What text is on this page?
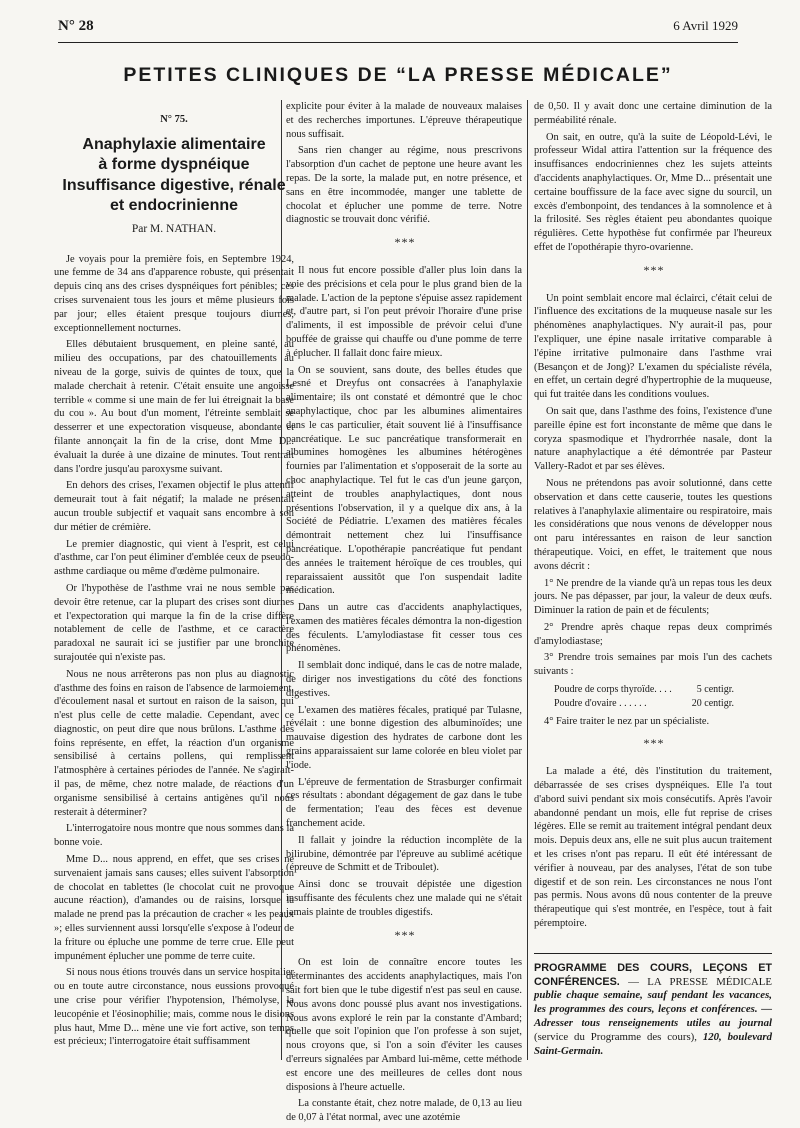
N° 28	6 Avril 1929
PETITES CLINIQUES DE “LA PRESSE MÉDICALE”
N° 75.
Anaphylaxie alimentaire
à forme dyspnéique
Insuffisance digestive, rénale
et endocrinienne
Par M. NATHAN.

Je voyais pour la première fois, en Septembre 1924, une femme de 34 ans d'apparence robuste, qui présentait depuis cinq ans des crises dyspnéiques fort pénibles; ces crises survenaient tous les jours et même plusieurs fois par jour; elles étaient presque toujours diurnes, exceptionnellement nocturnes.

Elles débutaient brusquement, en pleine santé, au milieu des occupations, par des chatouillements au niveau de la gorge, suivis de quintes de toux, que la malade cherchait à retenir. C'était ensuite une angoisse terrible « comme si une main de fer lui étreignait la base du cou ». Au bout d'un moment, l'étreinte semblait se desserrer et une expectoration visqueuse, abondante et filante annonçait la fin de la crise, dont Mme D... évaluait la durée à une dizaine de minutes. Tout rentrait dans l'ordre jusqu'au paroxysme suivant.

En dehors des crises, l'examen objectif le plus attentif demeurait tout à fait négatif; la malade ne présentait aucun trouble subjectif et vaquait sans encombre à son dur métier de crémière.

Le premier diagnostic, qui vient à l'esprit, est celui d'asthme, car l'on peut éliminer d'emblée ceux de pseudo-asthme cardiaque ou même d'œdème pulmonaire.

Or l'hypothèse de l'asthme vrai ne nous semble pas devoir être retenue, car la plupart des crises sont diurnes et l'expectoration qui marque la fin de la crise diffère notablement de celle de l'asthme, et ce caractère paradoxal ne saurait ici se justifier par une bronchite surajoutée qui n'existe pas.

Nous ne nous arrêterons pas non plus au diagnostic d'asthme des foins en raison de l'absence de larmoiement, d'écoulement nasal et surtout en raison de la saison, qui n'est plus celle de cette maladie. Cependant, avec ce diagnostic, on peut dire que nous brûlons. L'asthme des foins représente, en effet, la réaction d'un organisme sensibilisé à certains pollens, qui remplissent l'atmosphère à certaines périodes de l'année. Ne s'agirait-il pas, de même, chez notre malade, de réactions d'un organisme sensibilisé à certains antigènes qu'il nous resterait à déterminer?

L'interrogatoire nous montre que nous sommes dans la bonne voie.

Mme D... nous apprend, en effet, que ses crises ne survenaient jamais sans causes; elles suivent l'absorption de chocolat en tablettes (le chocolat cuit ne provoque aucune réaction), d'amandes ou de raisins, lorsque la malade ne prend pas la précaution de cracher « les peaux »; elles surviennent aussi lorsqu'elle s'expose à l'odeur de la friture ou épluche une pomme de terre crue. Elle peut impunément éplucher une pomme de terre cuite.

Si nous nous étions trouvés dans un service hospitalier ou en toute autre circonstance, nous eussions provoqué une crise pour vérifier l'hypotension, l'hémolyse, la leucopénie et l'éosinophilie; mais, comme nous le disions plus haut, Mme D... mène une vie fort active, son temps est précieux; l'interrogatoire était suffisamment

explicite pour éviter à la malade de nouveaux malaises et des recherches importunes. L'épreuve thérapeutique nous suffisait.

Sans rien changer au régime, nous prescrivons l'absorption d'un cachet de peptone une heure avant les repas. De la sorte, la malade put, en notre présence, et sans en être incommodée, manger une tablette de chocolat et éplucher une pomme de terre. Notre diagnostic se trouvait donc vérifié.

* * *

Il nous fut encore possible d'aller plus loin dans la voie des précisions et cela pour le plus grand bien de la malade. L'action de la peptone s'épuise assez rapidement et, d'autre part, si l'on peut prévoir l'horaire d'une prise d'aliments, il est impossible de prévoir celui d'une bouffée de graisse qui chauffe ou d'une pomme de terre à éplucher. Il fallait donc faire mieux.

On se souvient, sans doute, des belles études que Lesné et Dreyfus ont consacrées à l'anaphylaxie alimentaire; ils ont constaté et démontré que le choc anaphylactique, choc par les albumines alimentaires dans le cas particulier, était souvent lié à l'insuffisance pancréatique. Le suc pancréatique transformerait en albumines homogènes les albumines hétérogènes fournies par l'alimentation et s'opposerait de la sorte au choc anaphylactique. Tel fut le cas d'un jeune garçon, atteint de troubles anaphylactiques, dont nous présentions l'observation, il y a quelque dix ans, à la Société de Pédiatrie. L'examen des matières fécales démontrait nettement chez lui l'insuffisance pancréatique. L'opothérapie pancréatique fut pendant des années le traitement héroïque de ces troubles, qui reparaissaient aussitôt que l'on suspendait ladite médication.

Dans un autre cas d'accidents anaphylactiques, l'examen des matières fécales démontra la non-digestion des féculents. L'amylodiastase fit cesser tous ces phénomènes.

Il semblait donc indiqué, dans le cas de notre malade, de diriger nos investigations du côté des fonctions digestives.

L'examen des matières fécales, pratiqué par Tulasne, révélait : une bonne digestion des albuminoïdes; une mauvaise digestion des hydrates de carbone dont les grains apparaissaient sur lame colorée en bleu violet par l'iode.

L'épreuve de fermentation de Strasburger confirmait ces résultats : abondant dégagement de gaz dans le tube de fermentation; l'eau des fèces est devenue franchement acide.

Il fallait y joindre la réduction incomplète de la bilirubine, démontrée par l'épreuve au sublimé acétique (épreuve de Schmitt et de Triboulet).

Ainsi donc se trouvait dépistée une digestion insuffisante des féculents chez une malade qui ne s'était jamais plainte de troubles digestifs.

* * *

On est loin de connaître encore toutes les déterminantes des accidents anaphylactiques, mais l'on sait fort bien que le tube digestif n'est pas seul en cause. Nous avons donc poussé plus avant nos investigations. Nous avons exploré le rein par la constante d'Ambard; quelle que soit l'opinion que l'on professe à son sujet, nous croyons que, si l'on a soin d'éviter les causes d'erreurs signalées par Ambard lui-même, cette méthode est encore une des meilleures de celles dont nous disposions à l'heure actuelle.

La constante était, chez notre malade, de 0,13 au lieu de 0,07 à l'état normal, avec une azotémie

de 0,50. Il y avait donc une certaine diminution de la perméabilité rénale.

On sait, en outre, qu'à la suite de Léopold-Lévi, le professeur Widal attira l'attention sur la fréquence des insuffisances endocriniennes chez les sujets atteints d'accidents anaphylactiques. Or, Mme D... présentait une certaine bouffissure de la face avec signe du sourcil, un excès d'embonpoint, des tendances à la somnolence et à la frilosité. Ses règles étaient peu abondantes quoique régulières. Cette hypothèse fut confirmée par l'heureux effet de l'opothérapie thyro-ovarienne.

* * *

Un point semblait encore mal éclairci, c'était celui de l'influence des excitations de la muqueuse nasale sur les phénomènes anaphylactiques. N'y aurait-il pas, pour l'expliquer, une épine nasale irritative comparable à l'épine irritative pulmonaire dans l'asthme vrai (Besançon et de Jong)? L'examen du spécialiste révéla, en effet, un certain degré d'hypertrophie de la muqueuse, qui fut traitée dans les conditions voulues.

On sait que, dans l'asthme des foins, l'existence d'une pareille épine est fort inconstante de même que dans le coryza spasmodique et l'hydrorrhée nasale, dont la nature anaphylactique a été démontrée par Pasteur Vallery-Radot et par ses élèves.

Nous ne prétendons pas avoir solutionné, dans cette observation et dans cette causerie, toutes les questions relatives à l'anaphylaxie alimentaire ou respiratoire, mais les considérations que nous venons de développer nous ont paru intéressantes en raison de leur sanction thérapeutique. Voici, en effet, le traitement que nous avons décrit :

1° Ne prendre de la viande qu'à un repas tous les deux jours. Ne pas dépasser, par jour, la valeur de deux œufs. Diminuer la ration de pain et de féculents;

2° Prendre après chaque repas deux comprimés d'amylodiastase;

3° Prendre trois semaines par mois l'un des cachets suivants :

Poudre de corps thyroïde. . . .	5 centigr.
Poudre d'ovaire . . . . . .	20 centigr.

4° Faire traiter le nez par un spécialiste.

* * *

La malade a été, dès l'institution du traitement, débarrassée de ses crises dyspnéiques. Elle l'a tout d'abord suivi pendant six mois consécutifs. Après l'avoir abandonné pendant un mois, elle fut reprise de crises légères. Elle se remit au traitement intégral pendant deux mois. Depuis deux ans, elle ne suit plus aucun traitement et les crises n'ont pas reparu. Il eût été intéressant de vérifier à nouveau, par des analyses, l'état de son tube digestif et de son rein. Les circonstances ne nous l'ont pas permis. Nous avons dû nous contenter de la preuve thérapeutique qui s'est montrée, en l'espèce, tout à fait péremptoire.

PROGRAMME DES COURS, LEÇONS ET CONFÉRENCES. — LA PRESSE MÉDICALE publie chaque semaine, sauf pendant les vacances, les programmes des cours, leçons et conférences. — Adresser tous renseignements utiles au journal (service du Programme des cours), 120, boulevard Saint-Germain.
